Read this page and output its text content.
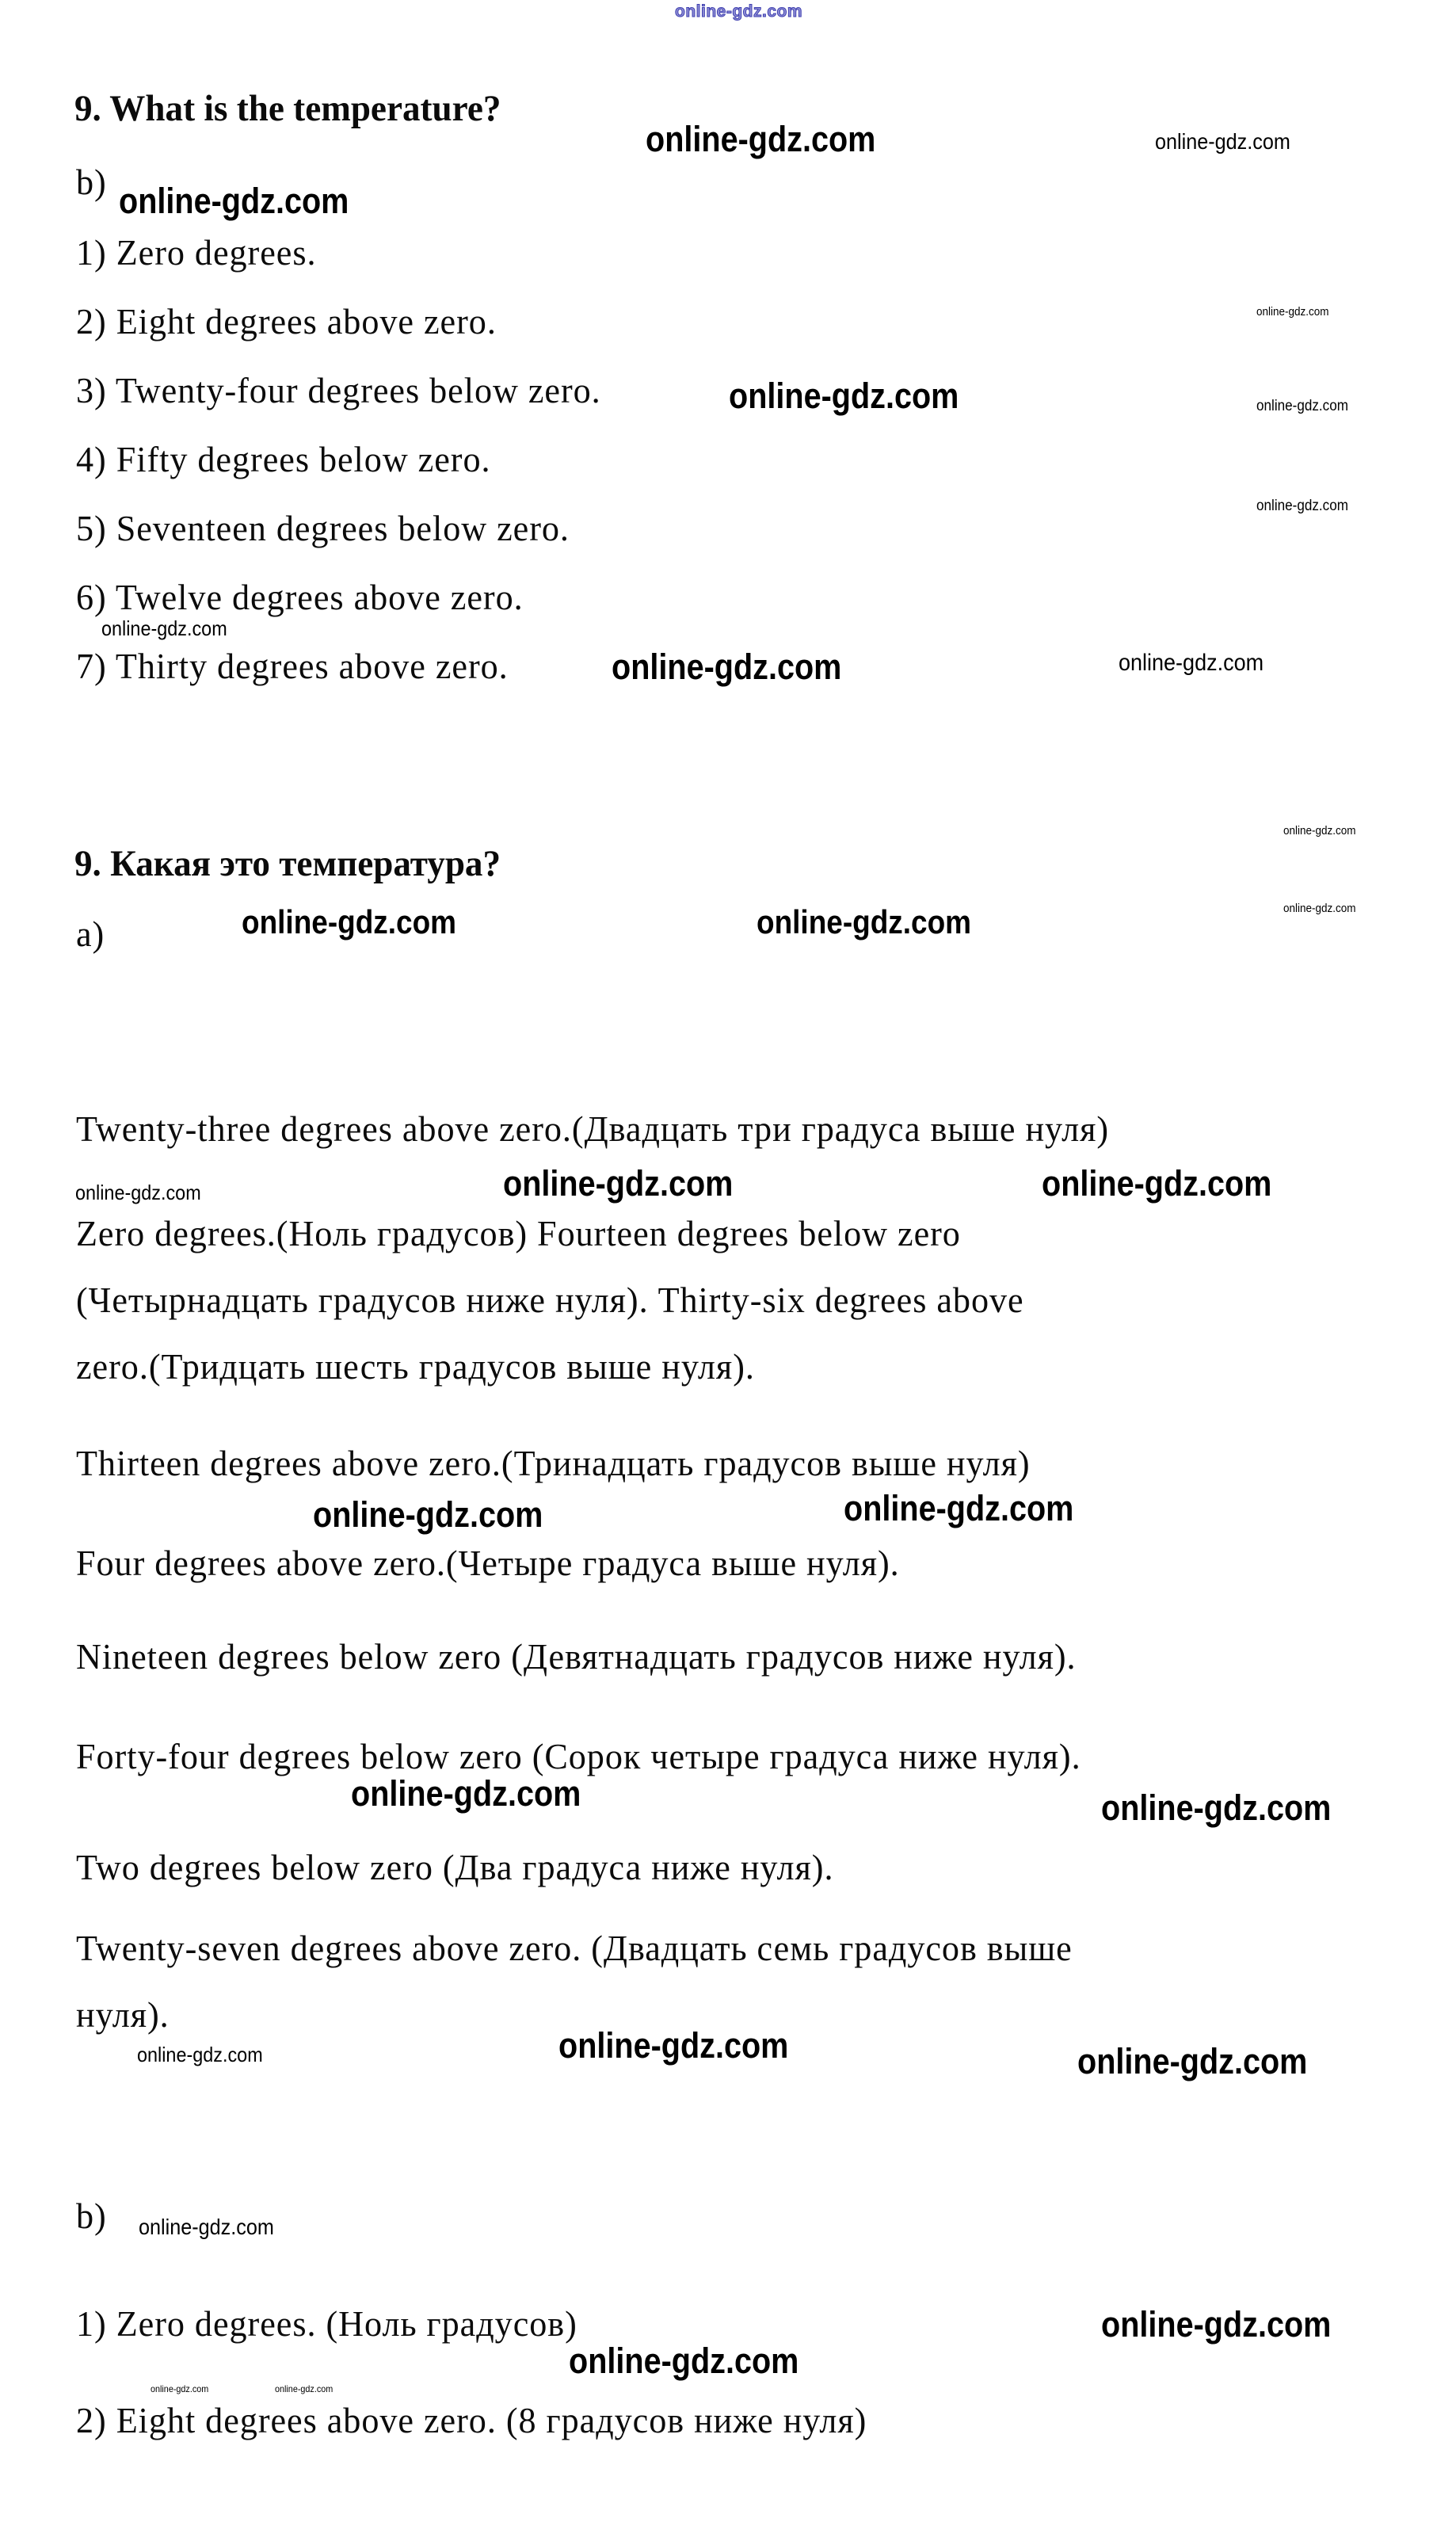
online-gdz.com
9. What is the temperature?
online-gdz.com	online-gdz.com
b) online-gdz.com
1) Zero degrees.
2) Eight degrees above zero.
3) Twenty-four degrees below zero.
4) Fifty degrees below zero.
5) Seventeen degrees below zero.
6) Twelve degrees above zero.
7) Thirty degrees above zero.
online-gdz.com
online-gdz.com	online-gdz.com
online-gdz.com
online-gdz.com
online-gdz.com	online-gdz.com
online-gdz.com
9. Какая это температура?
online-gdz.com
a)	online-gdz.com	online-gdz.com
Twenty-three degrees above zero.(Двадцать три градуса выше нуля)
online-gdz.com	online-gdz.com	online-gdz.com
Zero degrees.(Ноль градусов) Fourteen degrees below zero
(Четырнадцать градусов ниже нуля). Thirty-six degrees above
zero.(Тридцать шесть градусов выше нуля).
Thirteen degrees above zero.(Тринадцать градусов выше нуля)
online-gdz.com	online-gdz.com
Four degrees above zero.(Четыре градуса выше нуля).
Nineteen degrees below zero (Девятнадцать градусов ниже нуля).
Forty-four degrees below zero (Сорок четыре градуса ниже нуля).
online-gdz.com	online-gdz.com
Two degrees below zero (Два градуса ниже нуля).
Twenty-seven degrees above zero. (Двадцать семь градусов выше
нуля).
online-gdz.com	online-gdz.com	online-gdz.com
b) online-gdz.com
1) Zero degrees. (Ноль градусов)	online-gdz.com
online-gdz.com
online-gdz.com	online-gdz.com
2) Eight degrees above zero. (8 градусов ниже нуля)
